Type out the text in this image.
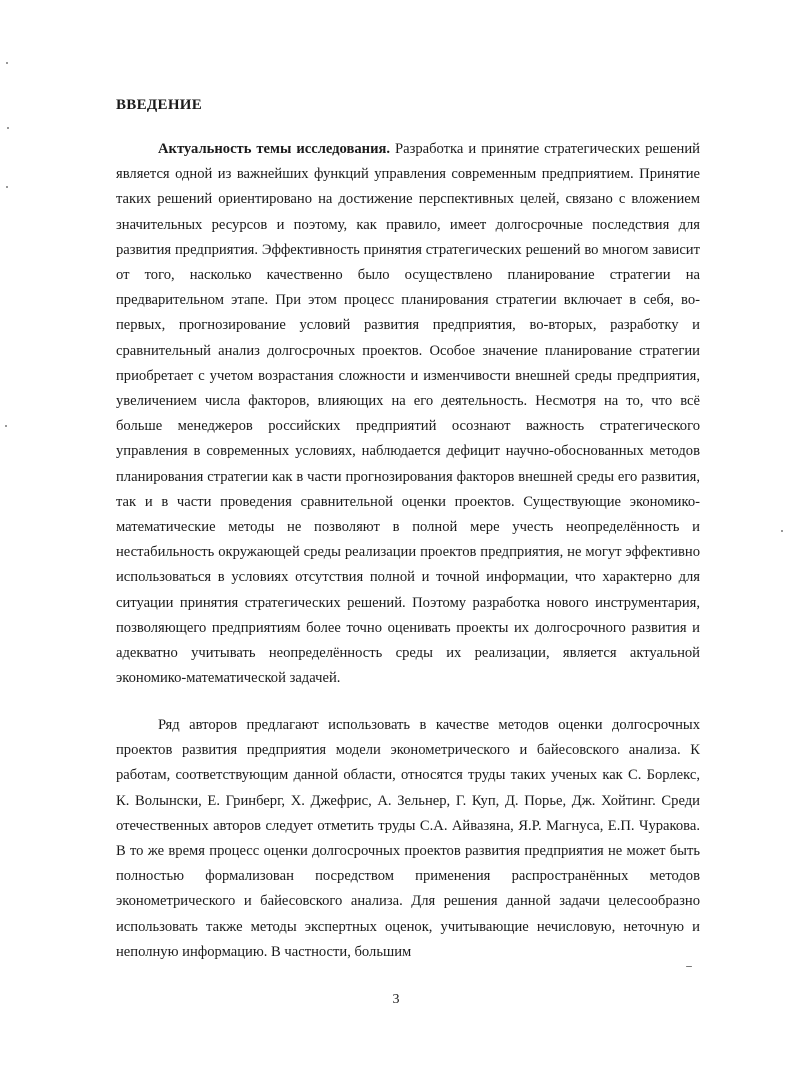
ВВЕДЕНИЕ

Актуальность темы исследования. Разработка и принятие стратегических решений является одной из важнейших функций управления современным предприятием. Принятие таких решений ориентировано на достижение перспективных целей, связано с вложением значительных ресурсов и поэтому, как правило, имеет долгосрочные последствия для развития предприятия. Эффективность принятия стратегических решений во многом зависит от того, насколько качественно было осуществлено планирование стратегии на предварительном этапе. При этом процесс планирования стратегии включает в себя, во-первых, прогнозирование условий развития предприятия, во-вторых, разработку и сравнительный анализ долгосрочных проектов. Особое значение планирование стратегии приобретает с учетом возрастания сложности и изменчивости внешней среды предприятия, увеличением числа факторов, влияющих на его деятельность. Несмотря на то, что всё больше менеджеров российских предприятий осознают важность стратегического управления в современных условиях, наблюдается дефицит научно-обоснованных методов планирования стратегии как в части прогнозирования факторов внешней среды его развития, так и в части проведения сравнительной оценки проектов. Существующие экономико-математические методы не позволяют в полной мере учесть неопределённость и нестабильность окружающей среды реализации проектов предприятия, не могут эффективно использоваться в условиях отсутствия полной и точной информации, что характерно для ситуации принятия стратегических решений. Поэтому разработка нового инструментария, позволяющего предприятиям более точно оценивать проекты их долгосрочного развития и адекватно учитывать неопределённость среды их реализации, является актуальной экономико-математической задачей.

Ряд авторов предлагают использовать в качестве методов оценки долгосрочных проектов развития предприятия модели эконометрического и байесовского анализа. К работам, соответствующим данной области, относятся труды таких ученых как С. Борлекс, К. Волынски, Е. Гринберг, Х. Джефрис, А. Зельнер, Г. Куп, Д. Порье, Дж. Хойтинг. Среди отечественных авторов следует отметить труды С.А. Айвазяна, Я.Р. Магнуса, Е.П. Чуракова. В то же время процесс оценки долгосрочных проектов развития предприятия не может быть полностью формализован посредством применения распространённых методов эконометрического и байесовского анализа. Для решения данной задачи целесообразно использовать также методы экспертных оценок, учитывающие нечисловую, неточную и неполную информацию. В частности, большим

3
